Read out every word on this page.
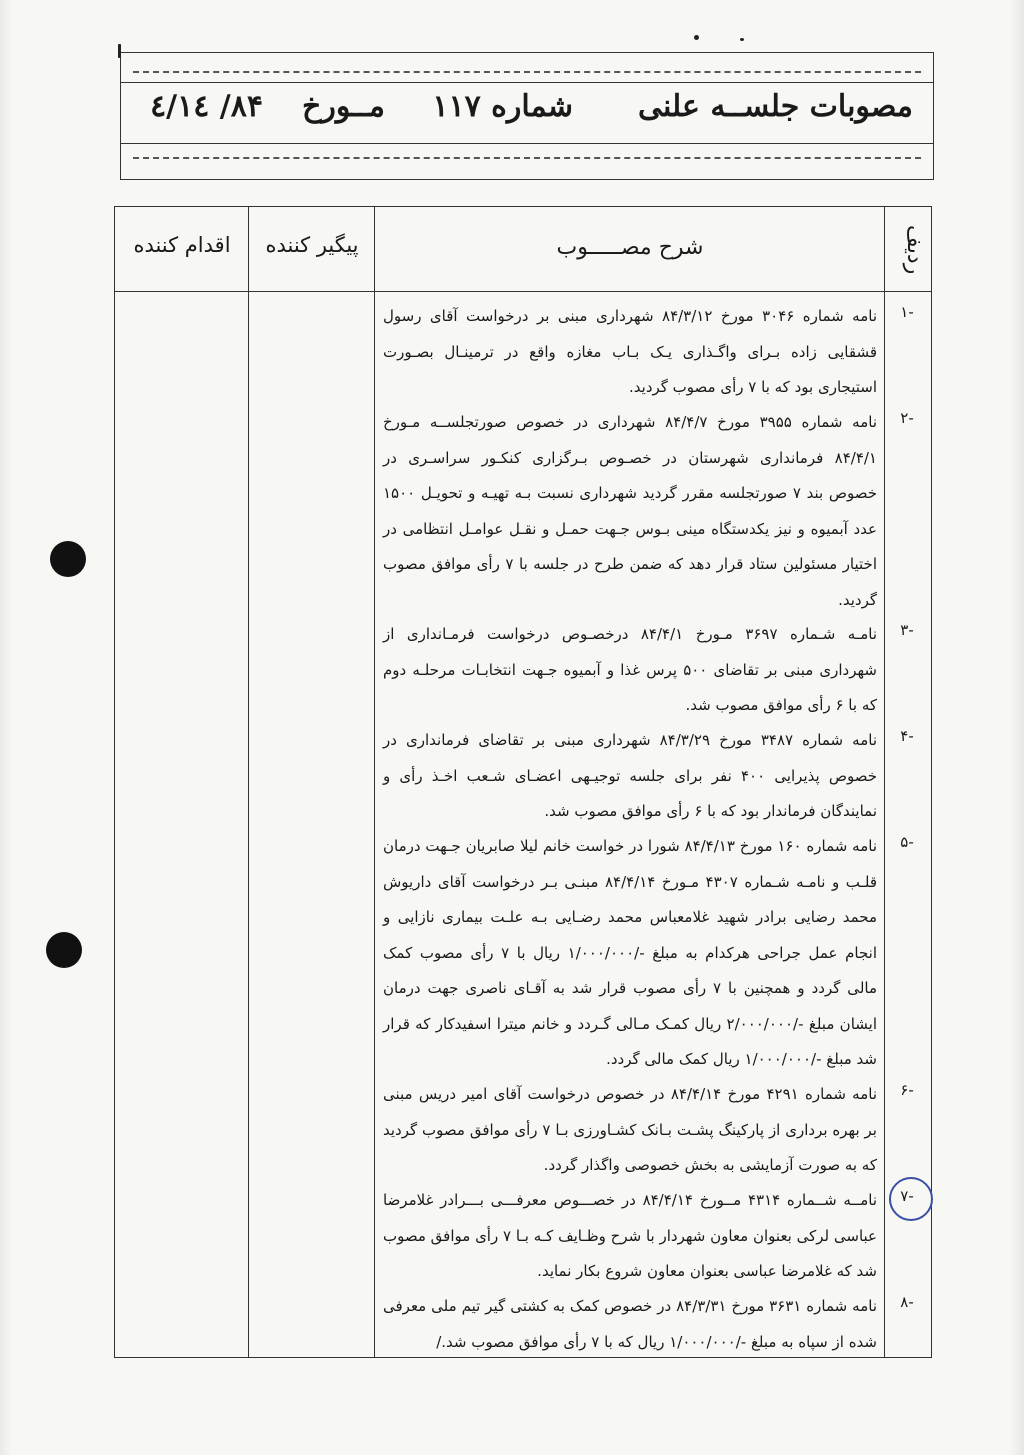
مصوبات جلســه علنی
شماره ۱۱۷
مــورخ
۸۴/ ٤/١٤
ردیف
شرح مصـــــوب
پیگیر کننده
اقدام کننده
-۱
نامه شماره ۳۰۴۶ مورخ ۸۴/۳/۱۲ شهرداری مبنی بر درخواست آقای رسول قشقایی زاده بـرای واگـذاری یـک بـاب مغازه واقع در ترمینـال بصـورت استیجاری بود که با ۷ رأی مصوب گردید.
-۲
نامه شماره ۳۹۵۵ مورخ ۸۴/۴/۷ شهرداری در خصوص صورتجلســه مـورخ ۸۴/۴/۱ فرمانداری شهرستان در خصـوص بـرگزاری کنکـور سراسـری در خصوص بند ۷ صورتجلسه مقرر گردید شهرداری نسبت بـه تهیـه و تحویـل ۱۵۰۰ عدد آبمیوه و نیز یکدستگاه مینی بـوس جـهت حمـل و نقـل عوامـل انتظامی در اختیار مسئولین ستاد قرار دهد که ضمن طرح در جلسه با ۷ رأی موافق مصوب گردید.
-۳
نامـه شـماره ۳۶۹۷ مـورخ ۸۴/۴/۱ درخصـوص درخواست فرمـانداری از شهرداری مبنی بر تقاضای ۵۰۰ پرس غذا و آبمیوه جـهت انتخابـات مرحلـه دوم که با ۶ رأی موافق مصوب شد.
-۴
نامه شماره ۳۴۸۷ مورخ ۸۴/۳/۲۹ شهرداری مبنی بر تقاضای فرمانداری در خصوص پذیرایی ۴۰۰ نفر برای جلسه توجیـهی اعضـای شـعب اخـذ رأی و نمایندگان فرماندار بود که با ۶ رأی موافق مصوب شد.
-۵
نامه شماره ۱۶۰ مورخ ۸۴/۴/۱۳ شورا در خواست خانم لیلا صابریان جـهت درمان قلـب و نامـه شـماره ۴۳۰۷ مـورخ ۸۴/۴/۱۴ مبنـی بـر درخواست آقای داریوش محمد رضایی برادر شهید غلامعباس محمد رضـایی بـه علـت بیماری نازایی و انجام عمل جراحی هرکدام به مبلغ -/۱/۰۰۰/۰۰۰ ریال با ۷ رأی مصوب کمک مالی گردد و همچنین با ۷ رأی مصوب قرار شد به آقـای ناصری جهت درمان ایشان مبلغ -/۲/۰۰۰/۰۰۰ ریال کمـک مـالی گـردد و خانم میترا اسفیدکار که قرار شد مبلغ -/۱/۰۰۰/۰۰۰ ریال کمک مالی گردد.
-۶
نامه شماره ۴۲۹۱ مورخ ۸۴/۴/۱۴ در خصوص درخواست آقای امیر دریس مبنی بر بهره برداری از پارکینگ پشـت بـانک کشـاورزی بـا ۷ رأی موافق مصوب گردید که به صورت آزمایشی به بخش خصوصی واگذار گردد.
-۷
نامــه شــماره ۴۳۱۴ مــورخ ۸۴/۴/۱۴ در خصـــوص معرفـــی بـــرادر غلامرضا عباسی لرکی بعنوان معاون شهردار با شرح وظـایف کـه بـا ۷ رأی موافق مصوب شد که غلامرضا عباسی بعنوان معاون شروع بکار نماید.
-۸
نامه شماره ۳۶۳۱ مورخ ۸۴/۳/۳۱ در خصوص کمک به کشتی گیر تیم ملی معرفی شده از سپاه به مبلغ -/۱/۰۰۰/۰۰۰ ریال که با ۷ رأی موافق مصوب شد./
